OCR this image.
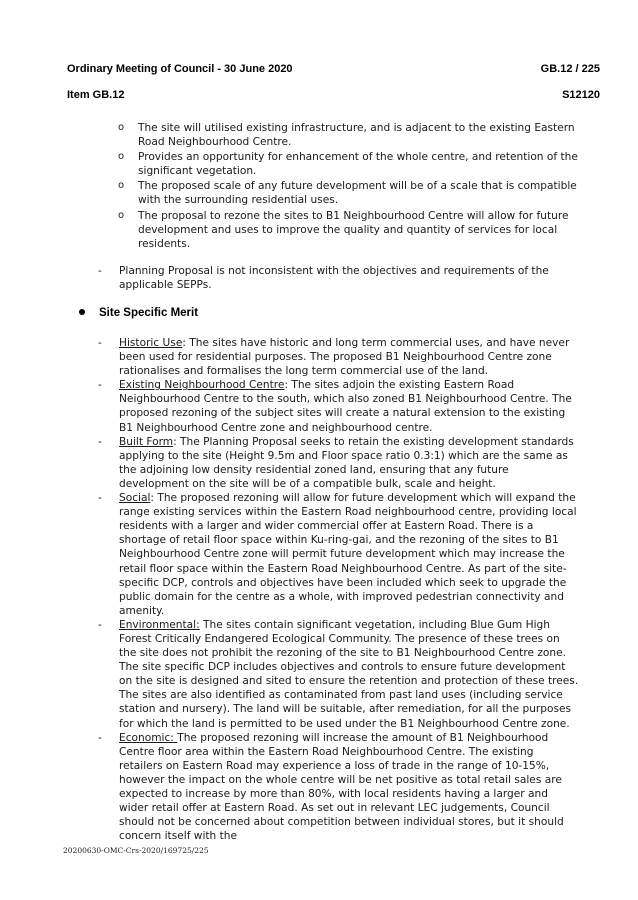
Ordinary Meeting of Council - 30 June 2020	GB.12 / 225
Item GB.12	S12120
o The site will utilised existing infrastructure, and is adjacent to the existing Eastern Road Neighbourhood Centre.
o Provides an opportunity for enhancement of the whole centre, and retention of the significant vegetation.
o The proposed scale of any future development will be of a scale that is compatible with the surrounding residential uses.
o The proposal to rezone the sites to B1 Neighbourhood Centre will allow for future development and uses to improve the quality and quantity of services for local residents.
-	Planning Proposal is not inconsistent with the objectives and requirements of the applicable SEPPs.
Site Specific Merit
- Historic Use: The sites have historic and long term commercial uses, and have never been used for residential purposes. The proposed B1 Neighbourhood Centre zone rationalises and formalises the long term commercial use of the land.
- Existing Neighbourhood Centre: The sites adjoin the existing Eastern Road Neighbourhood Centre to the south, which also zoned B1 Neighbourhood Centre. The proposed rezoning of the subject sites will create a natural extension to the existing B1 Neighbourhood Centre zone and neighbourhood centre.
- Built Form: The Planning Proposal seeks to retain the existing development standards applying to the site (Height 9.5m and Floor space ratio 0.3:1) which are the same as the adjoining low density residential zoned land, ensuring that any future development on the site will be of a compatible bulk, scale and height.
- Social: The proposed rezoning will allow for future development which will expand the range existing services within the Eastern Road neighbourhood centre, providing local residents with a larger and wider commercial offer at Eastern Road. There is a shortage of retail floor space within Ku-ring-gai, and the rezoning of the sites to B1 Neighbourhood Centre zone will permit future development which may increase the retail floor space within the Eastern Road Neighbourhood Centre. As part of the site-specific DCP, controls and objectives have been included which seek to upgrade the public domain for the centre as a whole, with improved pedestrian connectivity and amenity.
- Environmental: The sites contain significant vegetation, including Blue Gum High Forest Critically Endangered Ecological Community. The presence of these trees on the site does not prohibit the rezoning of the site to B1 Neighbourhood Centre zone. The site specific DCP includes objectives and controls to ensure future development on the site is designed and sited to ensure the retention and protection of these trees. The sites are also identified as contaminated from past land uses (including service station and nursery). The land will be suitable, after remediation, for all the purposes for which the land is permitted to be used under the B1 Neighbourhood Centre zone.
- Economic: The proposed rezoning will increase the amount of B1 Neighbourhood Centre floor area within the Eastern Road Neighbourhood Centre. The existing retailers on Eastern Road may experience a loss of trade in the range of 10-15%, however the impact on the whole centre will be net positive as total retail sales are expected to increase by more than 80%, with local residents having a larger and wider retail offer at Eastern Road. As set out in relevant LEC judgements, Council should not be concerned about competition between individual stores, but it should concern itself with the
20200630-OMC-Crs-2020/169725/225
